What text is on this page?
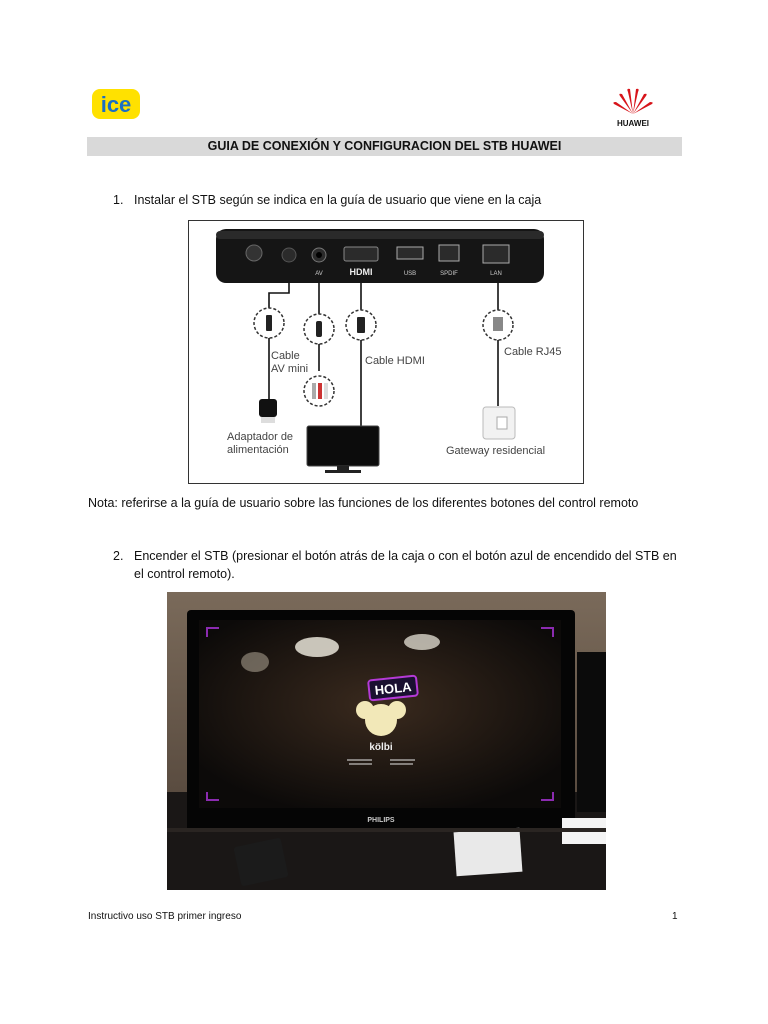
ice
HUAWEI
GUIA DE CONEXIÓN Y CONFIGURACION DEL STB HUAWEI
1. Instalar el STB según se indica en la guía de usuario que viene en la caja
AV	HDMI	USB	SPDIF	LAN
Cable
AV mini
Cable HDMI
Cable RJ45
Adaptador de
alimentación	Gateway residencial
Nota: referirse a la guía de usuario sobre las funciones de los diferentes botones del control remoto
2. Encender el STB (presionar el botón atrás de la caja o con el botón azul de encendido del STB en
el control remoto).
HOLA
kölbi
PHILIPS
Instructivo uso STB primer ingreso	1
